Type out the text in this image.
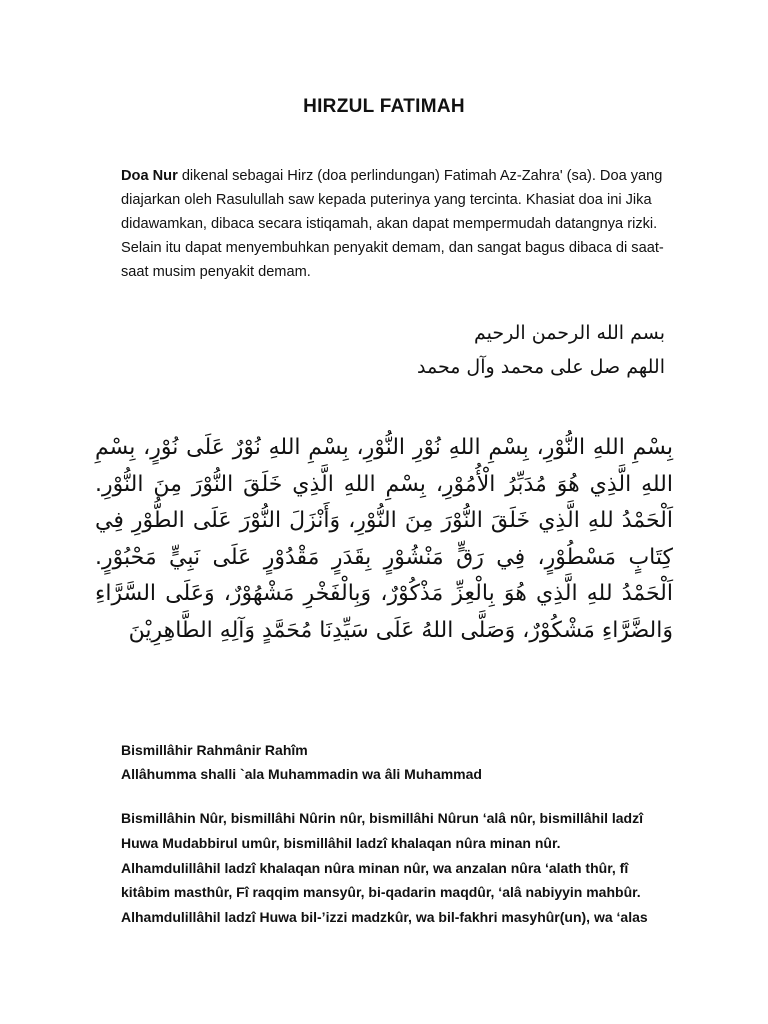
HIRZUL FATIMAH
Doa Nur dikenal sebagai Hirz (doa perlindungan) Fatimah Az-Zahra' (sa). Doa yang diajarkan oleh Rasulullah saw kepada puterinya yang tercinta. Khasiat doa ini Jika didawamkan, dibaca secara istiqamah, akan dapat mempermudah datangnya rizki. Selain itu dapat menyembuhkan penyakit demam, dan sangat bagus dibaca di saat-saat musim penyakit demam.
بسم الله الرحمن الرحيم
اللهم صل على محمد وآل محمد
بِسْمِ اللهِ النُّوْرِ، بِسْمِ اللهِ نُوْرِ النُّوْرِ، بِسْمِ اللهِ نُوْرٌ عَلَى نُوْرٍ، بِسْمِ اللهِ الَّذِي هُوَ مُدَبِّرُ الْأُمُوْرِ، بِسْمِ اللهِ الَّذِي خَلَقَ النُّوْرَ مِنَ النُّوْرِ. اَلْحَمْدُ للهِ الَّذِي خَلَقَ النُّوْرَ مِنَ النُّوْرِ، وَأَنْزَلَ النُّوْرَ عَلَى الطُّوْرِ فِي كِتَابٍ مَسْطُوْرٍ، فِي رَقٍّ مَنْشُوْرٍ بِقَدَرٍ مَقْدُوْرٍ عَلَى نَبِيٍّ مَحْبُوْرٍ. اَلْحَمْدُ للهِ الَّذِي هُوَ بِالْعِزِّ مَذْكُوْرٌ، وَبِالْفَخْرِ مَشْهُوْرٌ، وَعَلَى السَّرَّاءِ وَالضَّرَّاءِ مَشْكُوْرٌ، وَصَلَّى اللهُ عَلَى سَيِّدِنَا مُحَمَّدٍ وَآلِهِ الطَّاهِرِيْنَ
Bismillâhir Rahmânir Rahîm
Allâhumma shalli `ala Muhammadin wa âli Muhammad
Bismillâhin Nûr, bismillâhi Nûrin nûr, bismillâhi Nûrun ‘alâ nûr, bismillâhil ladzî
Huwa Mudabbirul umûr, bismillâhil ladzî khalaqan nûra minan nûr.
Alhamdulillâhil ladzî khalaqan nûra minan nûr, wa anzalan nûra ‘alath thûr, fî
kitâbim masthûr, Fî raqqim mansyûr, bi-qadarin maqdûr, ‘alâ nabiyyin mahbûr.
Alhamdulillâhil ladzî Huwa bil-’izzi madzkûr, wa bil-fakhri masyhûr(un), wa ‘alas
